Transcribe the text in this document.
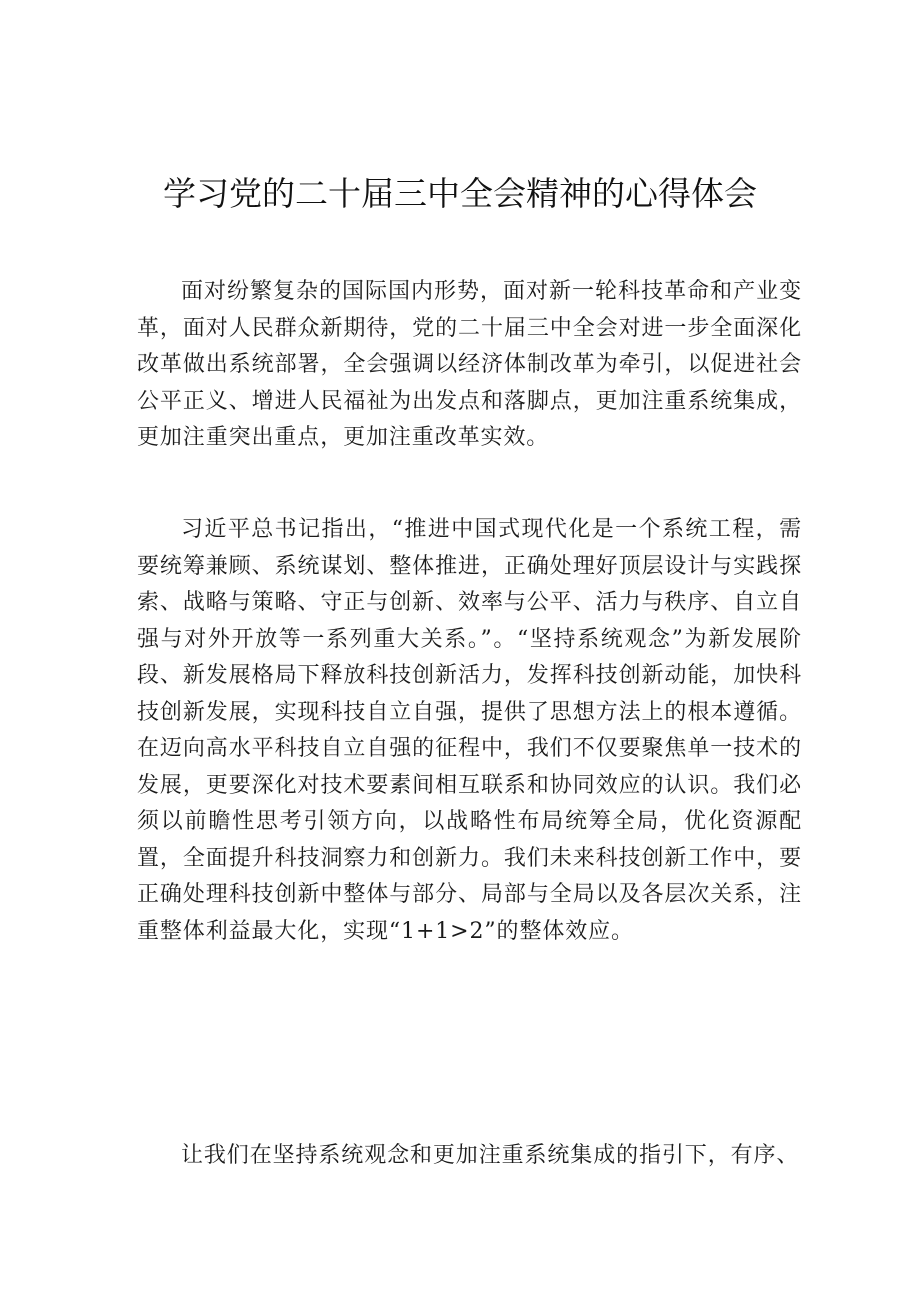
学习党的二十届三中全会精神的心得体会

面对纷繁复杂的国际国内形势，面对新一轮科技革命和产业变革，面对人民群众新期待，党的二十届三中全会对进一步全面深化改革做出系统部署，全会强调以经济体制改革为牵引，以促进社会公平正义、增进人民福祉为出发点和落脚点，更加注重系统集成，更加注重突出重点，更加注重改革实效。

习近平总书记指出，“推进中国式现代化是一个系统工程，需要统筹兼顾、系统谋划、整体推进，正确处理好顶层设计与实践探索、战略与策略、守正与创新、效率与公平、活力与秩序、自立自强与对外开放等一系列重大关系。”。“坚持系统观念”为新发展阶段、新发展格局下释放科技创新活力，发挥科技创新动能，加快科技创新发展，实现科技自立自强，提供了思想方法上的根本遵循。在迈向高水平科技自立自强的征程中，我们不仅要聚焦单一技术的发展，更要深化对技术要素间相互联系和协同效应的认识。我们必须以前瞻性思考引领方向，以战略性布局统筹全局，优化资源配置，全面提升科技洞察力和创新力。我们未来科技创新工作中，要正确处理科技创新中整体与部分、局部与全局以及各层次关系，注重整体利益最大化，实现“1+1>2”的整体效应。

让我们在坚持系统观念和更加注重系统集成的指引下，有序、
